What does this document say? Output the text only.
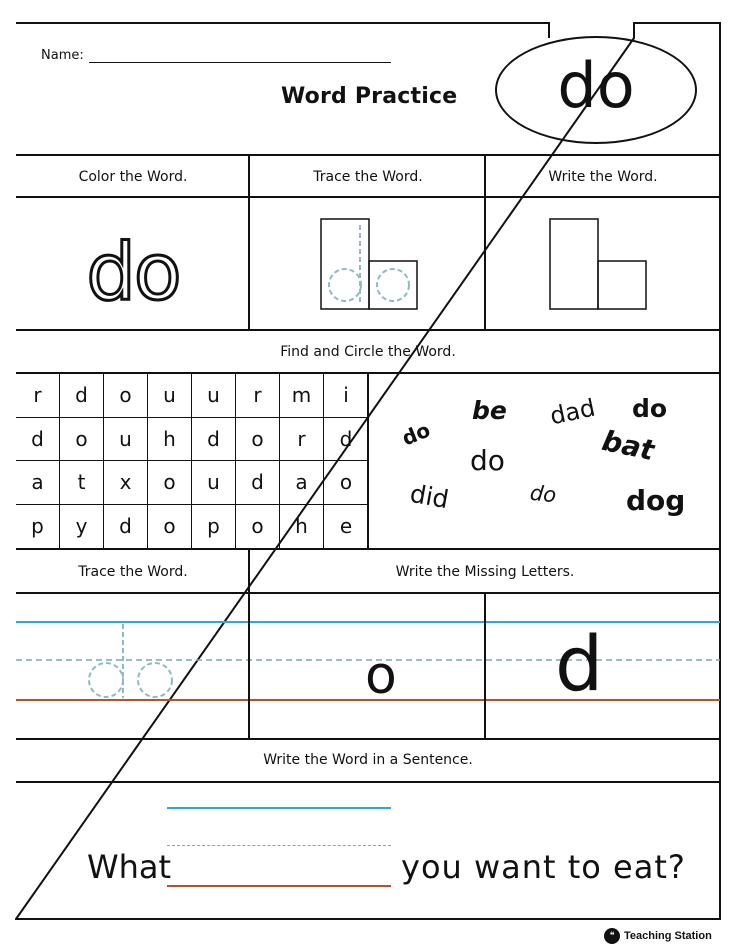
Name:
Word Practice	do
Color the Word.	Trace the Word.	Write the Word.
do
Find and Circle the Word.
r	d	o	u	u	r	m	i
d	o	u	h	d	o	r	d
a	t	x	o	u	d	a	o
p	y	d	o	p	o	h	e
be dad do
do	bat
do
did	do dog
Trace the Word.	Write the Missing Letters.
o d
Write the Word in a Sentence.
What	you want to eat?
❝ Teaching Station
